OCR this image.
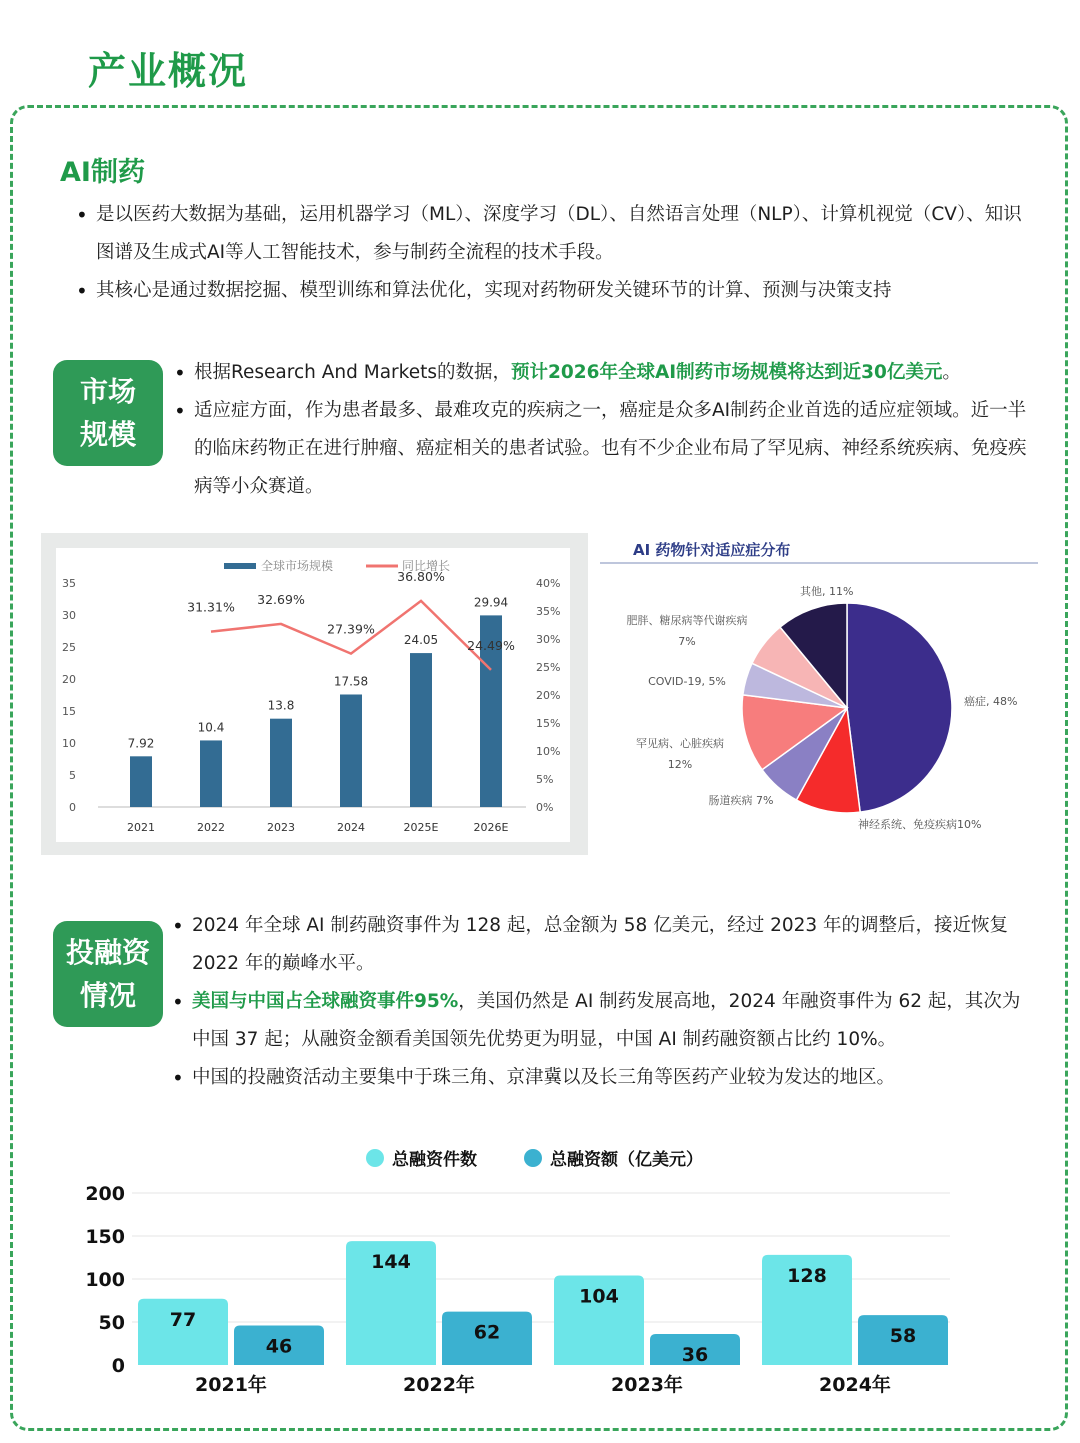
产业概况
AI制药
• 是以医药大数据为基础，运用机器学习（ML）、深度学习（DL）、自然语言处理（NLP）、计算机视觉（CV）、知识图谱及生成式AI等人工智能技术，参与制药全流程的技术手段。
• 其核心是通过数据挖掘、模型训练和算法优化，实现对药物研发关键环节的计算、预测与决策支持
市场
规模
• 根据Research And Markets的数据，预计2026年全球AI制药市场规模将达到近30亿美元。
• 适应症方面，作为患者最多、最难攻克的疾病之一，癌症是众多AI制药企业首选的适应症领域。近一半的临床药物正在进行肿瘤、癌症相关的患者试验。也有不少企业布局了罕见病、神经系统疾病、免疫疾病等小众赛道。
0
5
10
15
20
25
30
35
0%
5%
10%
15%
20%
25%
30%
35%
40%
7.92
2021
10.4
2022
13.8
2023
17.58
2024
24.05
2025E
29.94
2026E
31.31%
32.69%
27.39%
36.80%
24.49%
全球市场规模	同比增长
AI 药物针对适应症分布
癌症, 48%
神经系统、免疫疾病10%
肠道疾病 7%
罕见病、心脏疾病 12%
COVID-19, 5%
肥胖、糖尿病等代谢疾病 7%
其他, 11%
投融资
情况
• 2024 年全球 AI 制药融资事件为 128 起，总金额为 58 亿美元，经过 2023 年的调整后，接近恢复 2022 年的巅峰水平。
• 美国与中国占全球融资事件95%，美国仍然是 AI 制药发展高地，2024 年融资事件为 62 起，其次为中国 37 起；从融资金额看美国领先优势更为明显，中国 AI 制药融资额占比约 10%。
• 中国的投融资活动主要集中于珠三角、京津冀以及长三角等医药产业较为发达的地区。
0
50
100
150
200
77
46
2021年
144
62
2022年
104
36
2023年
128
58
2024年
总融资件数	总融资额（亿美元）
